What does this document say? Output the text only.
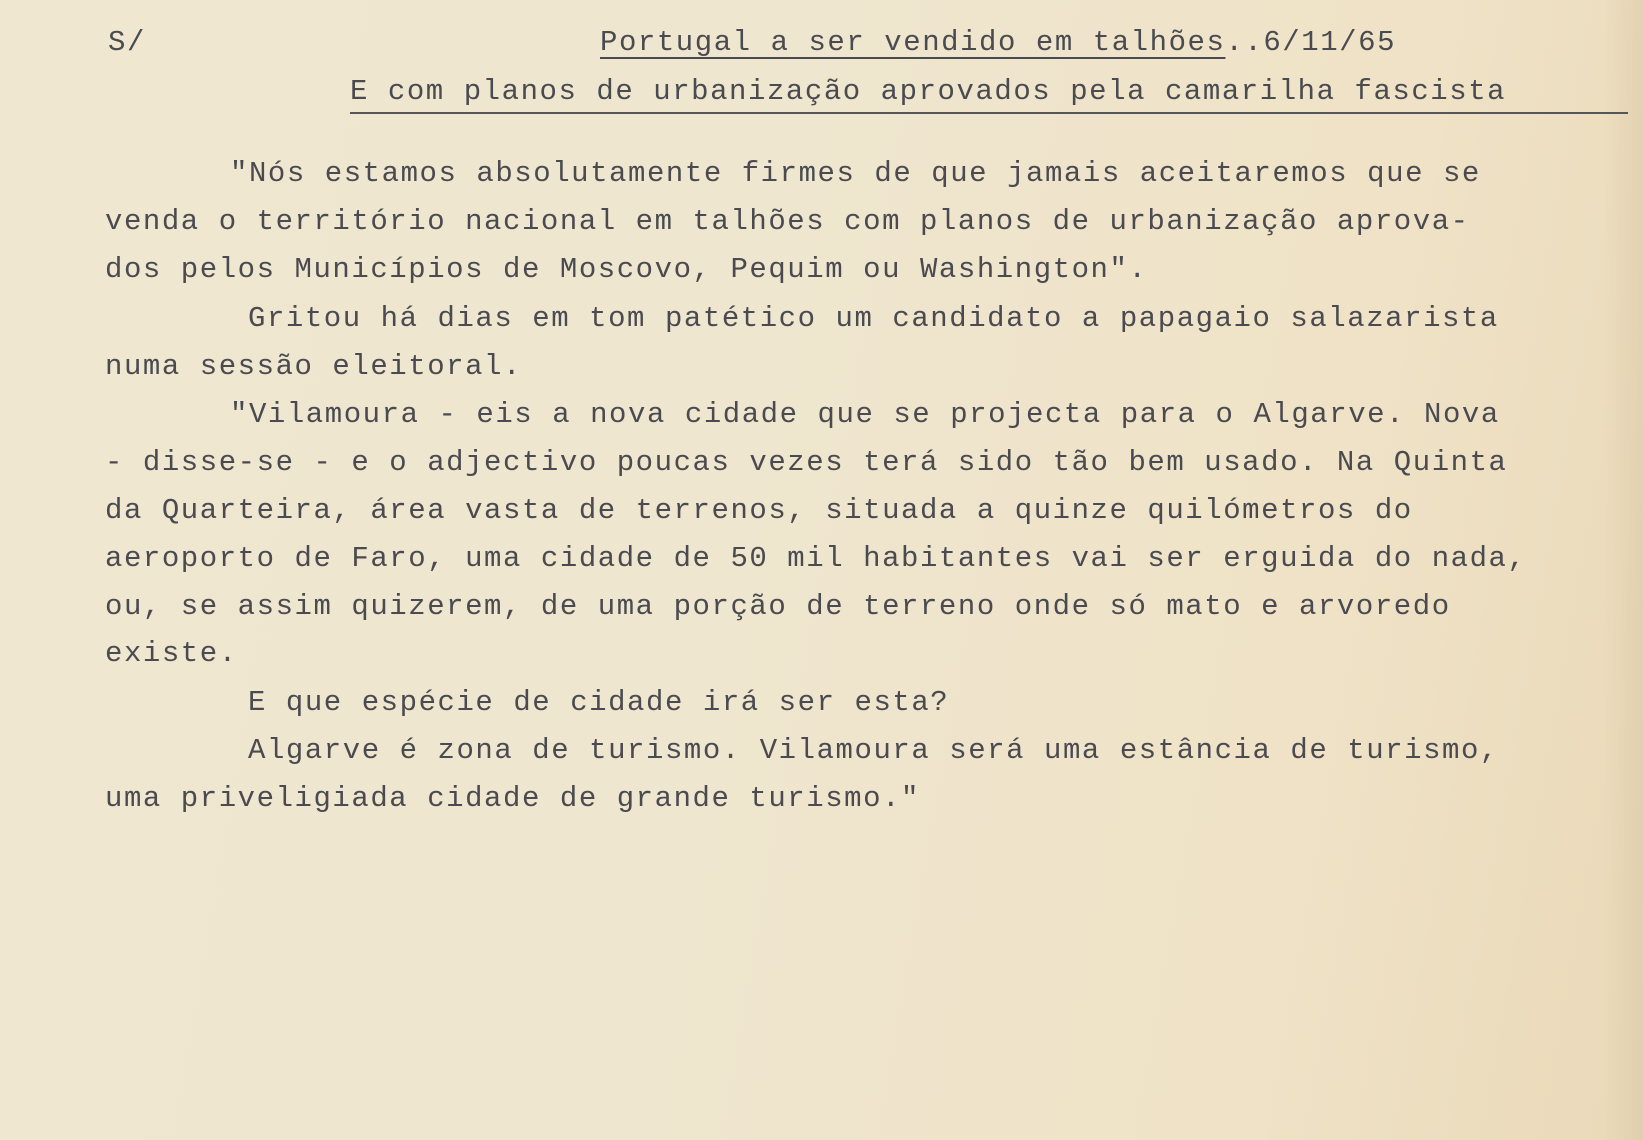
S/	Portugal a ser vendido em talhões..6/11/65
E com planos de urbanização aprovados pela camarilha fascista
"Nós estamos absolutamente firmes de que jamais aceitaremos que se
venda o território nacional em talhões com planos de urbanização aprova-
dos pelos Municípios de Moscovo, Pequim ou Washington".
Gritou há dias em tom patético um candidato a papagaio salazarista
numa sessão eleitoral.
"Vilamoura - eis a nova cidade que se projecta para o Algarve. Nova
- disse-se - e o adjectivo poucas vezes terá sido tão bem usado. Na Quinta
da Quarteira, área vasta de terrenos, situada a quinze quilómetros do
aeroporto de Faro, uma cidade de 50 mil habitantes vai ser erguida do nada,
ou, se assim quizerem, de uma porção de terreno onde só mato e arvoredo
existe.
E que espécie de cidade irá ser esta?
Algarve é zona de turismo. Vilamoura será uma estância de turismo,
uma priveligiada cidade de grande turismo."
